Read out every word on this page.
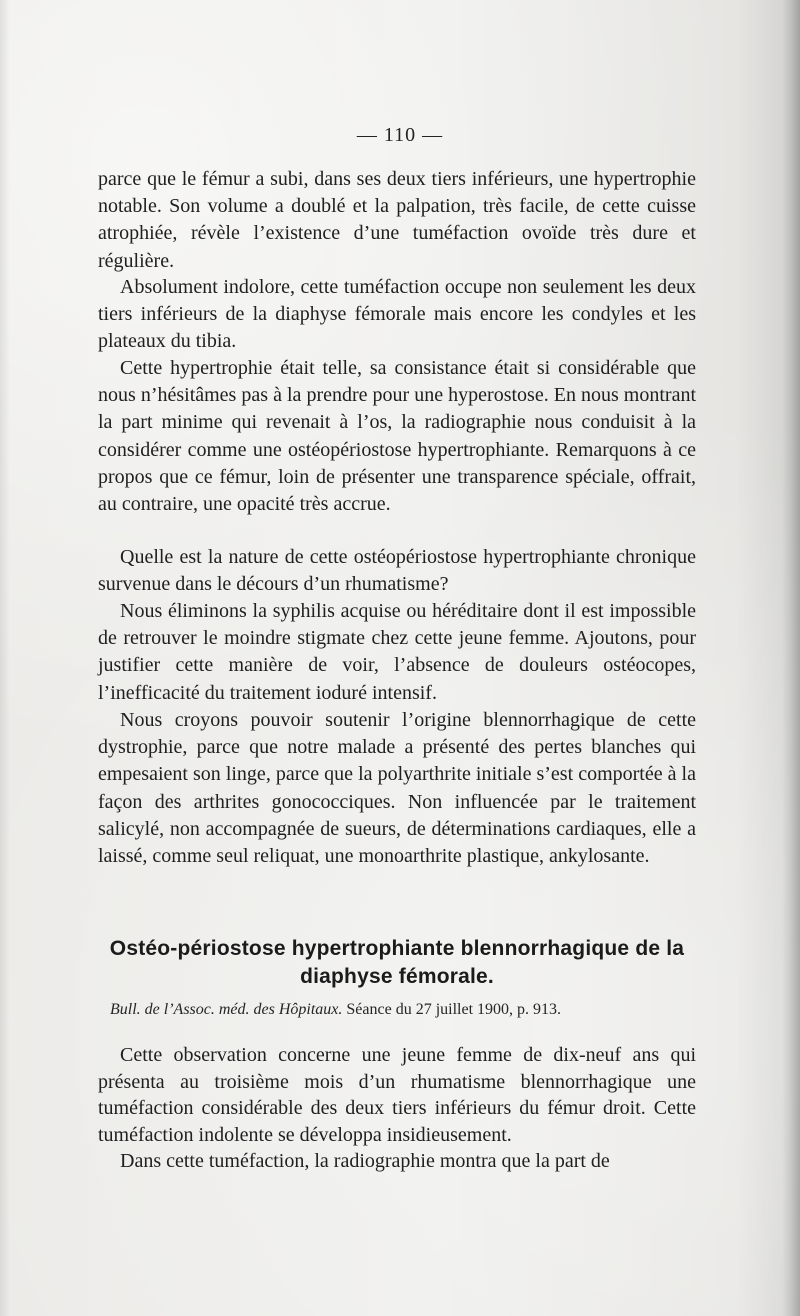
— 110 —

parce que le fémur a subi, dans ses deux tiers inférieurs, une hypertrophie notable. Son volume a doublé et la palpation, très facile, de cette cuisse atrophiée, révèle l’existence d’une tuméfaction ovoïde très dure et régulière.

Absolument indolore, cette tuméfaction occupe non seulement les deux tiers inférieurs de la diaphyse fémorale mais encore les condyles et les plateaux du tibia.

Cette hypertrophie était telle, sa consistance était si considérable que nous n’hésitâmes pas à la prendre pour une hyperostose. En nous montrant la part minime qui revenait à l’os, la radiographie nous conduisit à la considérer comme une ostéopériostose hypertrophiante. Remarquons à ce propos que ce fémur, loin de présenter une transparence spéciale, offrait, au contraire, une opacité très accrue.

Quelle est la nature de cette ostéopériostose hypertrophiante chronique survenue dans le décours d’un rhumatisme?

Nous éliminons la syphilis acquise ou héréditaire dont il est impossible de retrouver le moindre stigmate chez cette jeune femme. Ajoutons, pour justifier cette manière de voir, l’absence de douleurs ostéocopes, l’inefficacité du traitement ioduré intensif.

Nous croyons pouvoir soutenir l’origine blennorrhagique de cette dystrophie, parce que notre malade a présenté des pertes blanches qui empesaient son linge, parce que la polyarthrite initiale s’est comportée à la façon des arthrites gonococciques. Non influencée par le traitement salicylé, non accompagnée de sueurs, de déterminations cardiaques, elle a laissé, comme seul reliquat, une monoarthrite plastique, ankylosante.

Ostéo-périostose hypertrophiante blennorrhagique de la diaphyse fémorale.

Bull. de l’Assoc. méd. des Hôpitaux. Séance du 27 juillet 1900, p. 913.

Cette observation concerne une jeune femme de dix-neuf ans qui présenta au troisième mois d’un rhumatisme blennorrhagique une tuméfaction considérable des deux tiers inférieurs du fémur droit. Cette tuméfaction indolente se développa insidieusement.

Dans cette tuméfaction, la radiographie montra que la part de
